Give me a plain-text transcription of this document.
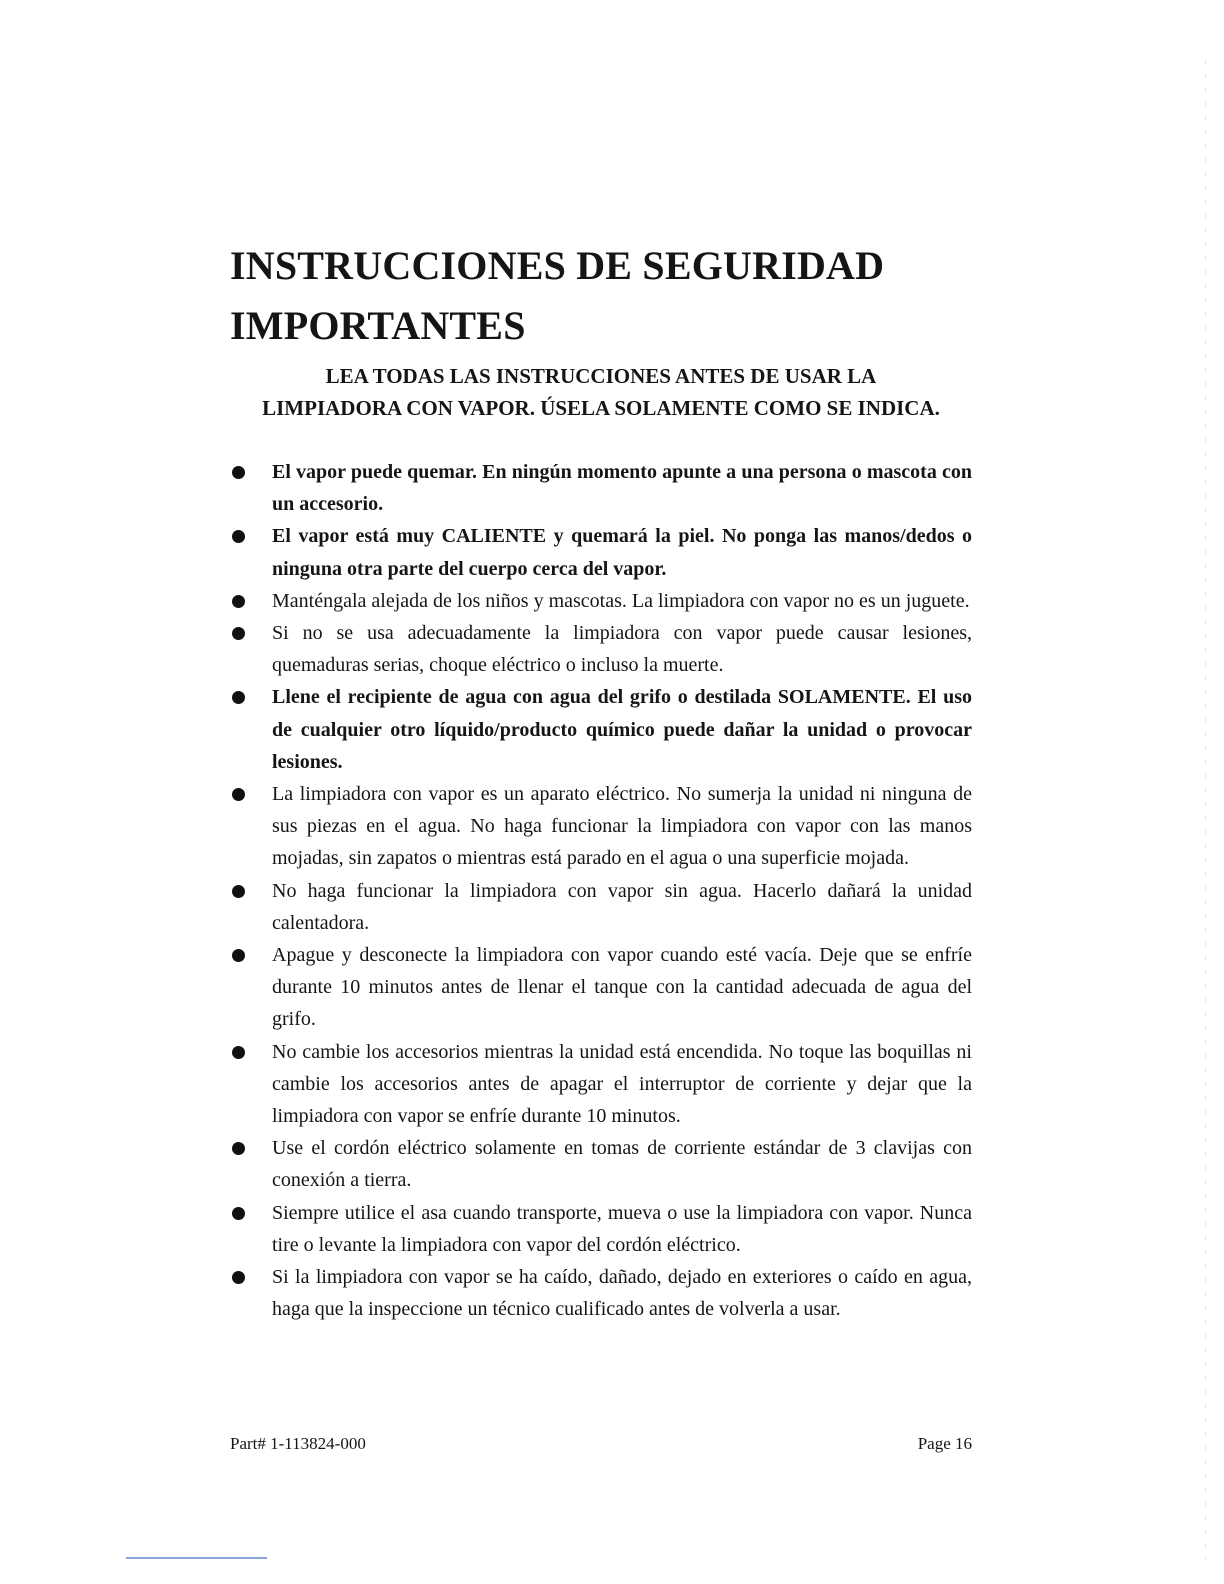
INSTRUCCIONES DE SEGURIDAD
IMPORTANTES
LEA TODAS LAS INSTRUCCIONES ANTES DE USAR LA
LIMPIADORA CON VAPOR. ÚSELA SOLAMENTE COMO SE INDICA.
El vapor puede quemar. En ningún momento apunte a una persona o mascota con un accesorio.
El vapor está muy CALIENTE y quemará la piel. No ponga las manos/dedos o ninguna otra parte del cuerpo cerca del vapor.
Manténgala alejada de los niños y mascotas. La limpiadora con vapor no es un juguete.
Si no se usa adecuadamente la limpiadora con vapor puede causar lesiones, quemaduras serias, choque eléctrico o incluso la muerte.
Llene el recipiente de agua con agua del grifo o destilada SOLAMENTE. El uso de cualquier otro líquido/producto químico puede dañar la unidad o provocar lesiones.
La limpiadora con vapor es un aparato eléctrico. No sumerja la unidad ni ninguna de sus piezas en el agua. No haga funcionar la limpiadora con vapor con las manos mojadas, sin zapatos o mientras está parado en el agua o una superficie mojada.
No haga funcionar la limpiadora con vapor sin agua. Hacerlo dañará la unidad calentadora.
Apague y desconecte la limpiadora con vapor cuando esté vacía. Deje que se enfríe durante 10 minutos antes de llenar el tanque con la cantidad adecuada de agua del grifo.
No cambie los accesorios mientras la unidad está encendida. No toque las boquillas ni cambie los accesorios antes de apagar el interruptor de corriente y dejar que la limpiadora con vapor se enfríe durante 10 minutos.
Use el cordón eléctrico solamente en tomas de corriente estándar de 3 clavijas con conexión a tierra.
Siempre utilice el asa cuando transporte, mueva o use la limpiadora con vapor. Nunca tire o levante la limpiadora con vapor del cordón eléctrico.
Si la limpiadora con vapor se ha caído, dañado, dejado en exteriores o caído en agua, haga que la inspeccione un técnico cualificado antes de volverla a usar.
Part# 1-113824-000	Page 16
